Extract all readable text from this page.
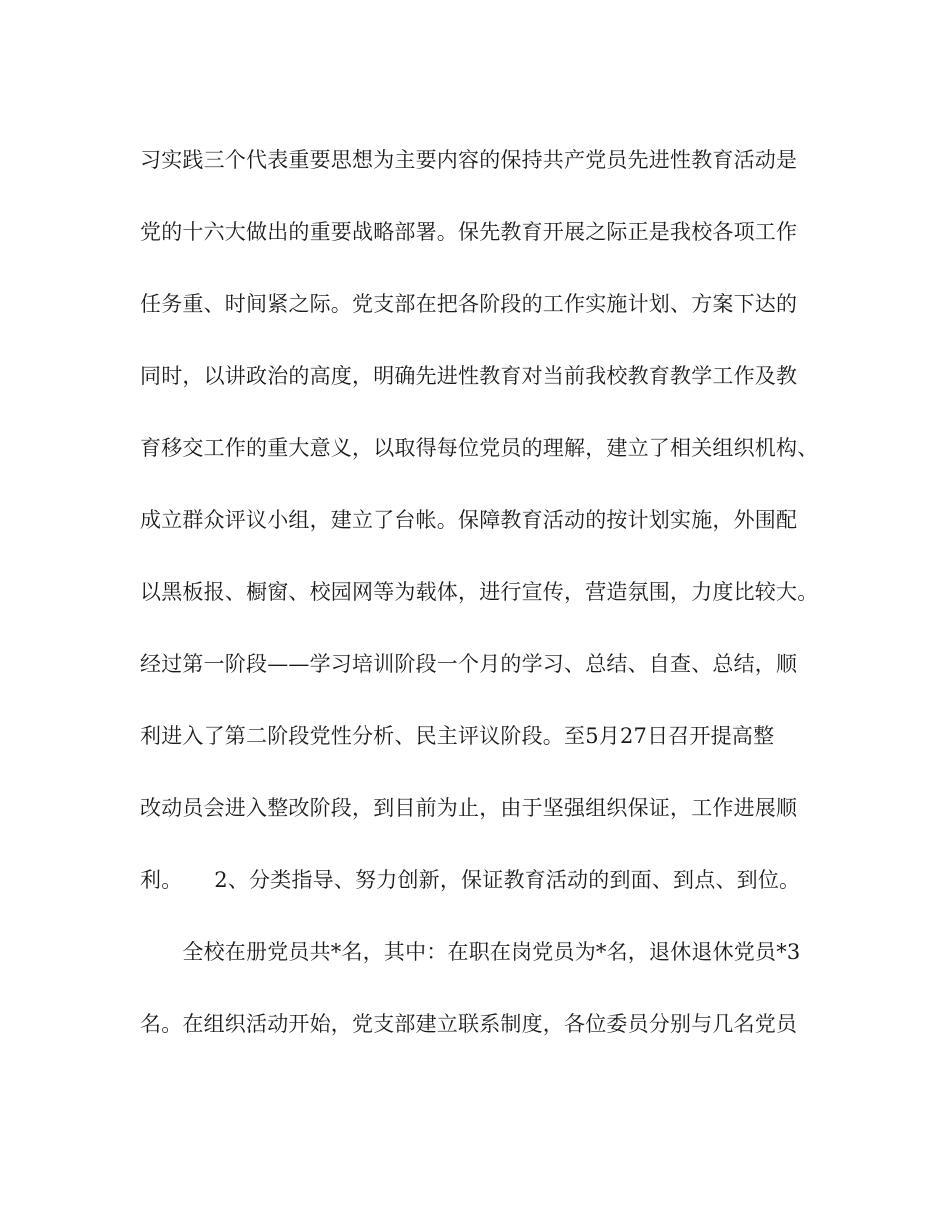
习实践三个代表重要思想为主要内容的保持共产党员先进性教育活动是
党的十六大做出的重要战略部署。保先教育开展之际正是我校各项工作
任务重、时间紧之际。党支部在把各阶段的工作实施计划、方案下达的
同时，以讲政治的高度，明确先进性教育对当前我校教育教学工作及教
育移交工作的重大意义，以取得每位党员的理解，建立了相关组织机构、
成立群众评议小组，建立了台帐。保障教育活动的按计划实施，外围配
以黑板报、橱窗、校园网等为载体，进行宣传，营造氛围，力度比较大。
经过第一阶段——学习培训阶段一个月的学习、总结、自查、总结，顺
利进入了第二阶段党性分析、民主评议阶段。至5月27日召开提高整
改动员会进入整改阶段，到目前为止，由于坚强组织保证，工作进展顺
利。　　2、分类指导、努力创新，保证教育活动的到面、到点、到位。
　　全校在册党员共*名，其中：在职在岗党员为*名，退休退休党员*3
名。在组织活动开始，党支部建立联系制度，各位委员分别与几名党员
